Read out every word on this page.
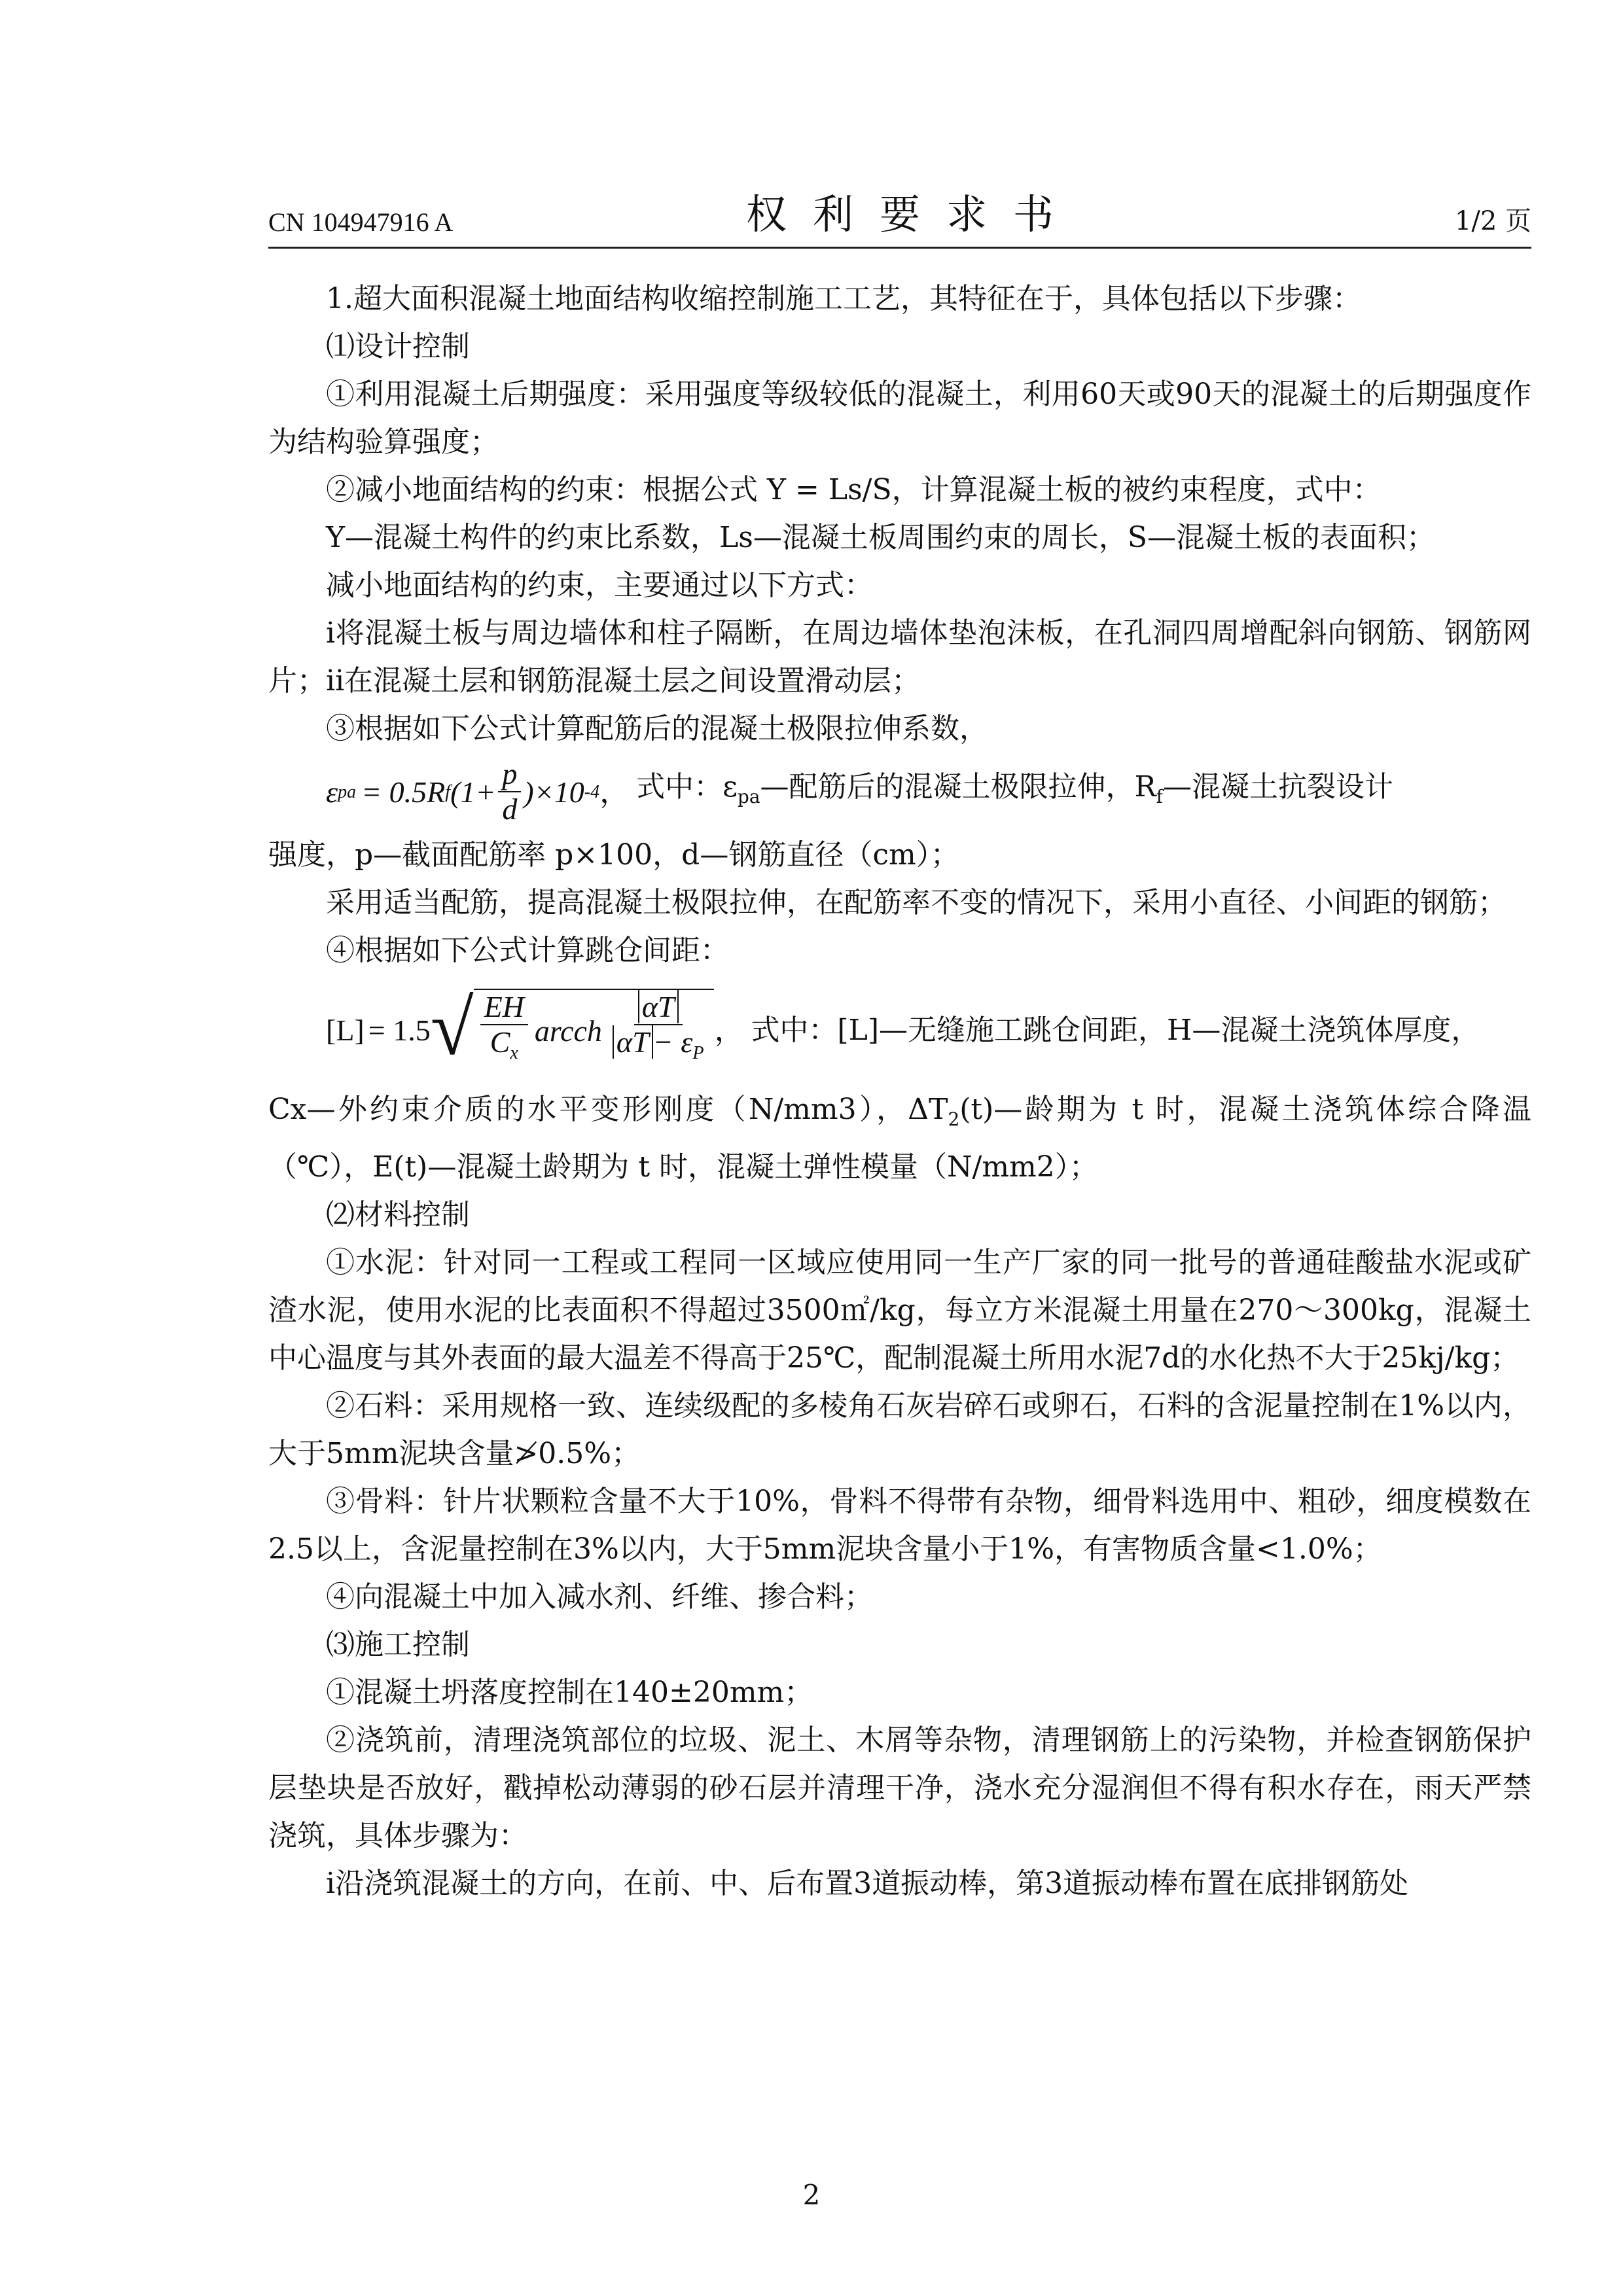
CN 104947916 A	权利要求书	1/2 页

1.超大面积混凝土地面结构收缩控制施工工艺，其特征在于，具体包括以下步骤：

⑴设计控制

①利用混凝土后期强度：采用强度等级较低的混凝土，利用60天或90天的混凝土的后期强度作为结构验算强度；

②减小地面结构的约束：根据公式 Y = Ls/S，计算混凝土板的被约束程度，式中：

Y—混凝土构件的约束比系数，Ls—混凝土板周围约束的周长，S—混凝土板的表面积；

减小地面结构的约束，主要通过以下方式：

ⅰ将混凝土板与周边墙体和柱子隔断，在周边墙体垫泡沫板，在孔洞四周增配斜向钢筋、钢筋网片；ⅱ在混凝土层和钢筋混凝土层之间设置滑动层；

③根据如下公式计算配筋后的混凝土极限拉伸系数，

ε pa = 0.5R f $(1+ \frac{p}{d} )\times 10$ -4 ， 式中：$\varepsilon_{pa}—$配筋后的混凝土极限拉伸，$R_f—$混凝土抗裂设计

强度，p—截面配筋率 p×100，d—钢筋直径（cm）；

采用适当配筋，提高混凝土极限拉伸，在配筋率不变的情况下，采用小直径、小间距的钢筋；

④根据如下公式计算跳仓间距：

[L] = 1.5 √ $\frac{EH}{C_x}$ arcch $\frac{\alpha T}{\alpha T - \varepsilon_P}$ ， 式中：[L]—无缝施工跳仓间距，H—混凝土浇筑体厚度，

Cx—外约束介质的水平变形刚度（N/mm3），$\Delta T_2(t)—$龄期为 t 时，混凝土浇筑体综合降温（℃），E(t)—混凝土龄期为 t 时，混凝土弹性模量（N/mm2）；

⑵材料控制

①水泥：针对同一工程或工程同一区域应使用同一生产厂家的同一批号的普通硅酸盐水泥或矿渣水泥，使用水泥的比表面积不得超过3500㎡/kg，每立方米混凝土用量在270～300kg，混凝土中心温度与其外表面的最大温差不得高于25℃，配制混凝土所用水泥7d的水化热不大于25kj/kg；

②石料：采用规格一致、连续级配的多棱角石灰岩碎石或卵石，石料的含泥量控制在1%以内，大于5mm泥块含量≯0.5%；

③骨料：针片状颗粒含量不大于10%，骨料不得带有杂物，细骨料选用中、粗砂，细度模数在2.5以上，含泥量控制在3%以内，大于5mm泥块含量小于1%，有害物质含量<1.0%；

④向混凝土中加入减水剂、纤维、掺合料；

⑶施工控制

①混凝土坍落度控制在140±20mm；

②浇筑前，清理浇筑部位的垃圾、泥土、木屑等杂物，清理钢筋上的污染物，并检查钢筋保护层垫块是否放好，戳掉松动薄弱的砂石层并清理干净，浇水充分湿润但不得有积水存在，雨天严禁浇筑，具体步骤为：

ⅰ沿浇筑混凝土的方向，在前、中、后布置3道振动棒，第3道振动棒布置在底排钢筋处

2
